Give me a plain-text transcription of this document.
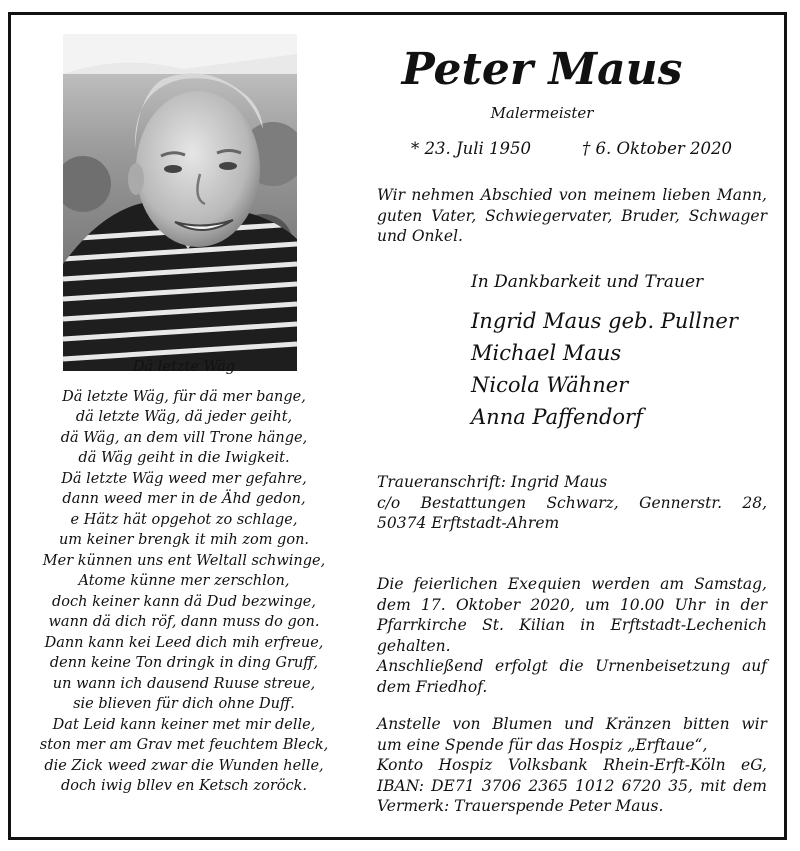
Dä letzte Wäg
Dä letzte Wäg, für dä mer bange,
dä letzte Wäg, dä jeder geiht,
dä Wäg, an dem vill Trone hänge,
dä Wäg geiht in die Iwigkeit.
Dä letzte Wäg weed mer gefahre,
dann weed mer in de Ähd gedon,
e Hätz hät opgehot zo schlage,
um keiner brengk it mih zom gon.
Mer künnen uns ent Weltall schwinge,
Atome künne mer zerschlon,
doch keiner kann dä Dud bezwinge,
wann dä dich röf, dann muss do gon.
Dann kann kei Leed dich mih erfreue,
denn keine Ton dringk in ding Gruff,
un wann ich dausend Ruuse streue,
sie blieven für dich ohne Duff.
Dat Leid kann keiner met mir delle,
ston mer am Grav met feuchtem Bleck,
die Zick weed zwar die Wunden helle,
doch iwig bllev en Ketsch zoröck.
Peter Maus
Malermeister
* 23. Juli 1950	† 6. Oktober 2020
Wir nehmen Abschied von meinem lieben Mann,
guten Vater, Schwiegervater, Bruder, Schwager
und Onkel.
In Dankbarkeit und Trauer
Ingrid Maus geb. Pullner
Michael Maus
Nicola Wähner
Anna Paffendorf
Traueranschrift: Ingrid Maus
c/o Bestattungen Schwarz, Gennerstr. 28,
50374 Erftstadt-Ahrem
Die feierlichen Exequien werden am Samstag,
dem 17. Oktober 2020, um 10.00 Uhr in der
Pfarrkirche St. Kilian in Erftstadt-Lechenich
gehalten.
Anschließend erfolgt die Urnenbeisetzung auf
dem Friedhof.
Anstelle von Blumen und Kränzen bitten wir
um eine Spende für das Hospiz „Erftaue“,
Konto Hospiz Volksbank Rhein-Erft-Köln eG,
IBAN: DE71 3706 2365 1012 6720 35, mit dem
Vermerk: Trauerspende Peter Maus.
